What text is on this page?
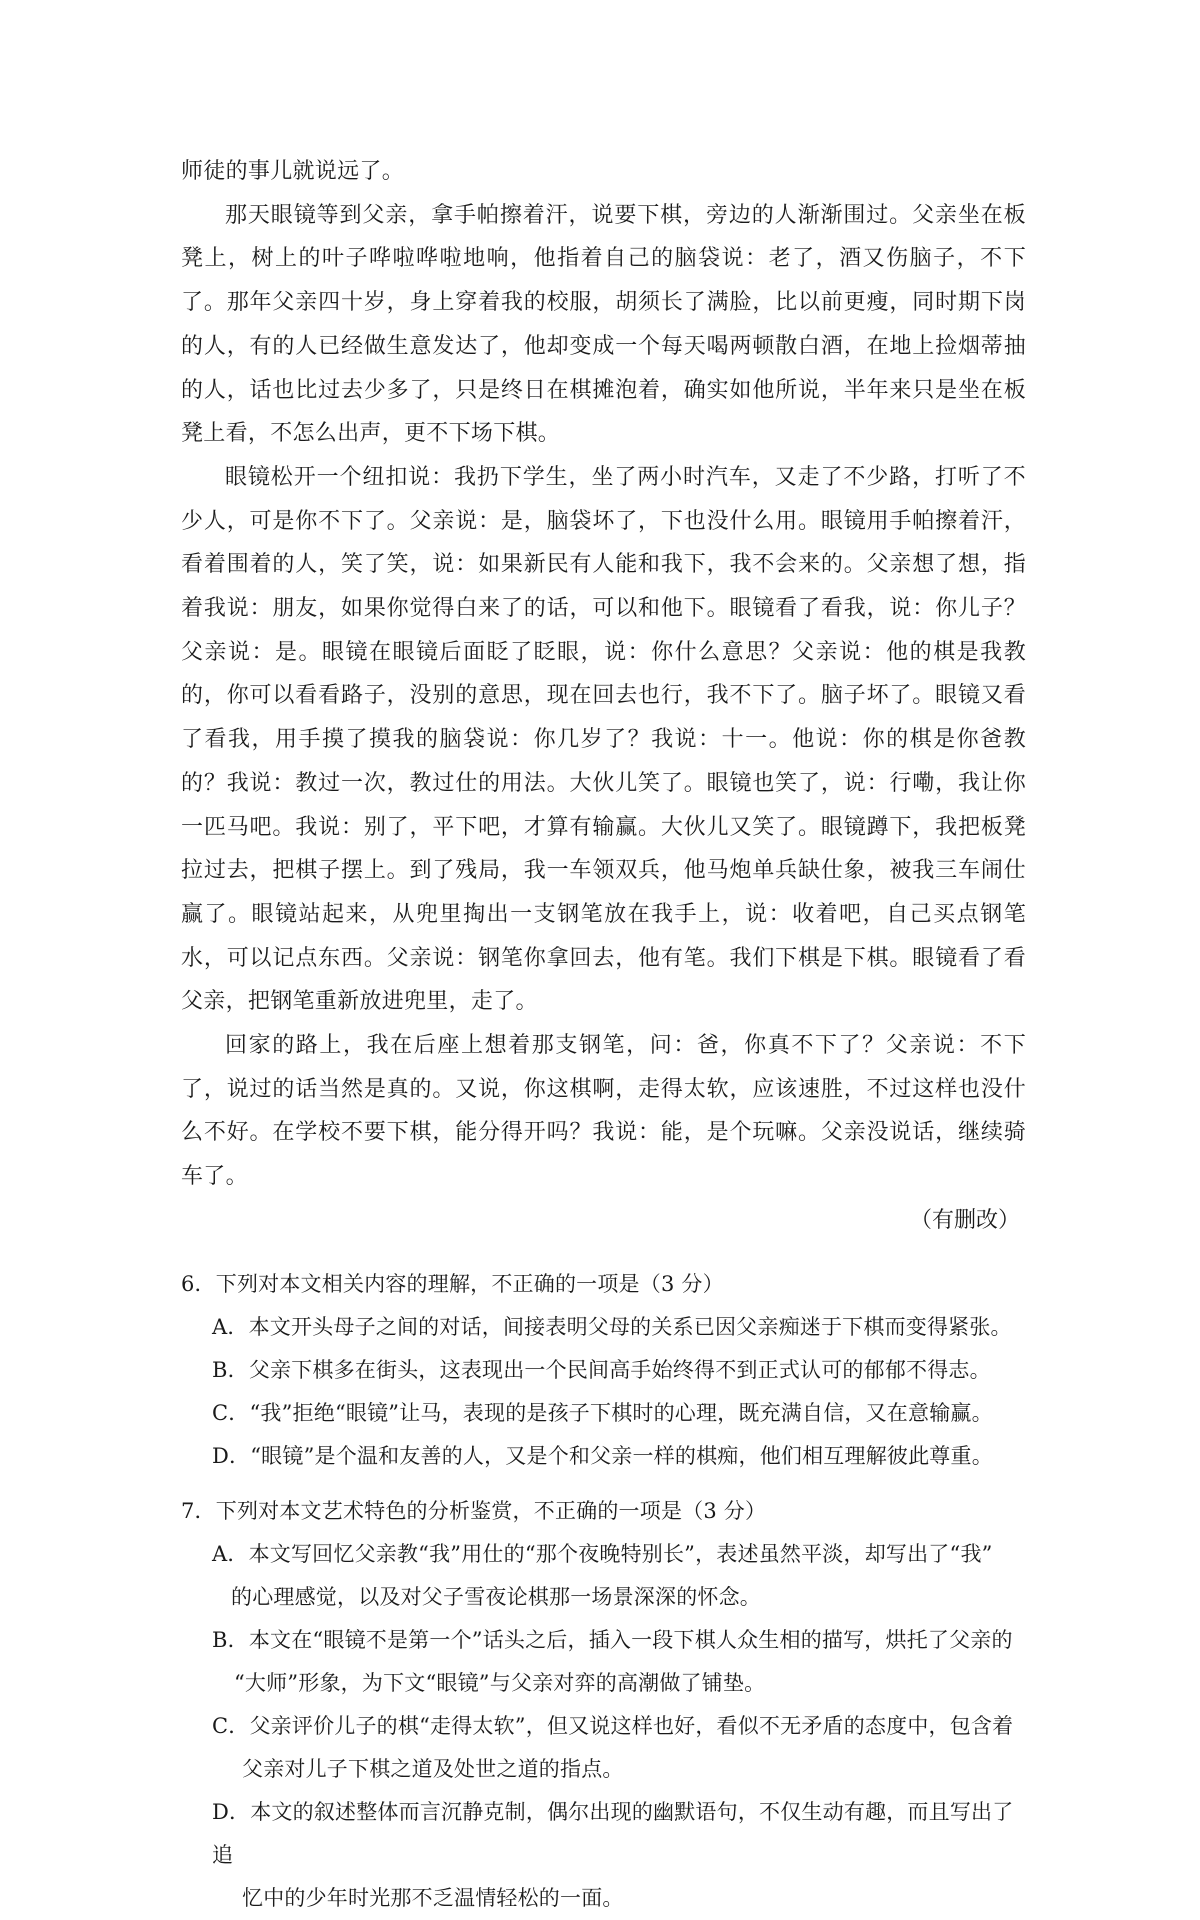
师徒的事儿就说远了。

那天眼镜等到父亲，拿手帕擦着汗，说要下棋，旁边的人渐渐围过。父亲坐在板凳上，树上的叶子哗啦哗啦地响，他指着自己的脑袋说：老了，酒又伤脑子，不下了。那年父亲四十岁，身上穿着我的校服，胡须长了满脸，比以前更瘦，同时期下岗的人，有的人已经做生意发达了，他却变成一个每天喝两顿散白酒，在地上捡烟蒂抽的人，话也比过去少多了，只是终日在棋摊泡着，确实如他所说，半年来只是坐在板凳上看，不怎么出声，更不下场下棋。

眼镜松开一个纽扣说：我扔下学生，坐了两小时汽车，又走了不少路，打听了不少人，可是你不下了。父亲说：是，脑袋坏了，下也没什么用。眼镜用手帕擦着汗，看着围着的人，笑了笑，说：如果新民有人能和我下，我不会来的。父亲想了想，指着我说：朋友，如果你觉得白来了的话，可以和他下。眼镜看了看我，说：你儿子？父亲说：是。眼镜在眼镜后面眨了眨眼，说：你什么意思？父亲说：他的棋是我教的，你可以看看路子，没别的意思，现在回去也行，我不下了。脑子坏了。眼镜又看了看我，用手摸了摸我的脑袋说：你几岁了？我说：十一。他说：你的棋是你爸教的？我说：教过一次，教过仕的用法。大伙儿笑了。眼镜也笑了，说：行嘞，我让你一匹马吧。我说：别了，平下吧，才算有输赢。大伙儿又笑了。眼镜蹲下，我把板凳拉过去，把棋子摆上。到了残局，我一车领双兵，他马炮单兵缺仕象，被我三车闹仕赢了。眼镜站起来，从兜里掏出一支钢笔放在我手上，说：收着吧，自己买点钢笔水，可以记点东西。父亲说：钢笔你拿回去，他有笔。我们下棋是下棋。眼镜看了看父亲，把钢笔重新放进兜里，走了。

回家的路上，我在后座上想着那支钢笔，问：爸，你真不下了？父亲说：不下了，说过的话当然是真的。又说，你这棋啊，走得太软，应该速胜，不过这样也没什么不好。在学校不要下棋，能分得开吗？我说：能，是个玩嘛。父亲没说话，继续骑车了。

（有删改）

6．下列对本文相关内容的理解，不正确的一项是（3 分）

A．本文开头母子之间的对话，间接表明父母的关系已因父亲痴迷于下棋而变得紧张。
B．父亲下棋多在街头，这表现出一个民间高手始终得不到正式认可的郁郁不得志。
C．“我”拒绝“眼镜”让马，表现的是孩子下棋时的心理，既充满自信，又在意输赢。
D．“眼镜”是个温和友善的人，又是个和父亲一样的棋痴，他们相互理解彼此尊重。

7．下列对本文艺术特色的分析鉴赏，不正确的一项是（3 分）

A．本文写回忆父亲教“我”用仕的“那个夜晚特别长”，表述虽然平淡，却写出了“我”
的心理感觉，以及对父子雪夜论棋那一场景深深的怀念。
B．本文在“眼镜不是第一个”话头之后，插入一段下棋人众生相的描写，烘托了父亲的
“大师”形象，为下文“眼镜”与父亲对弈的高潮做了铺垫。
C．父亲评价儿子的棋“走得太软”，但又说这样也好，看似不无矛盾的态度中，包含着
父亲对儿子下棋之道及处世之道的指点。
D．本文的叙述整体而言沉静克制，偶尔出现的幽默语句，不仅生动有趣，而且写出了追
忆中的少年时光那不乏温情轻松的一面。
